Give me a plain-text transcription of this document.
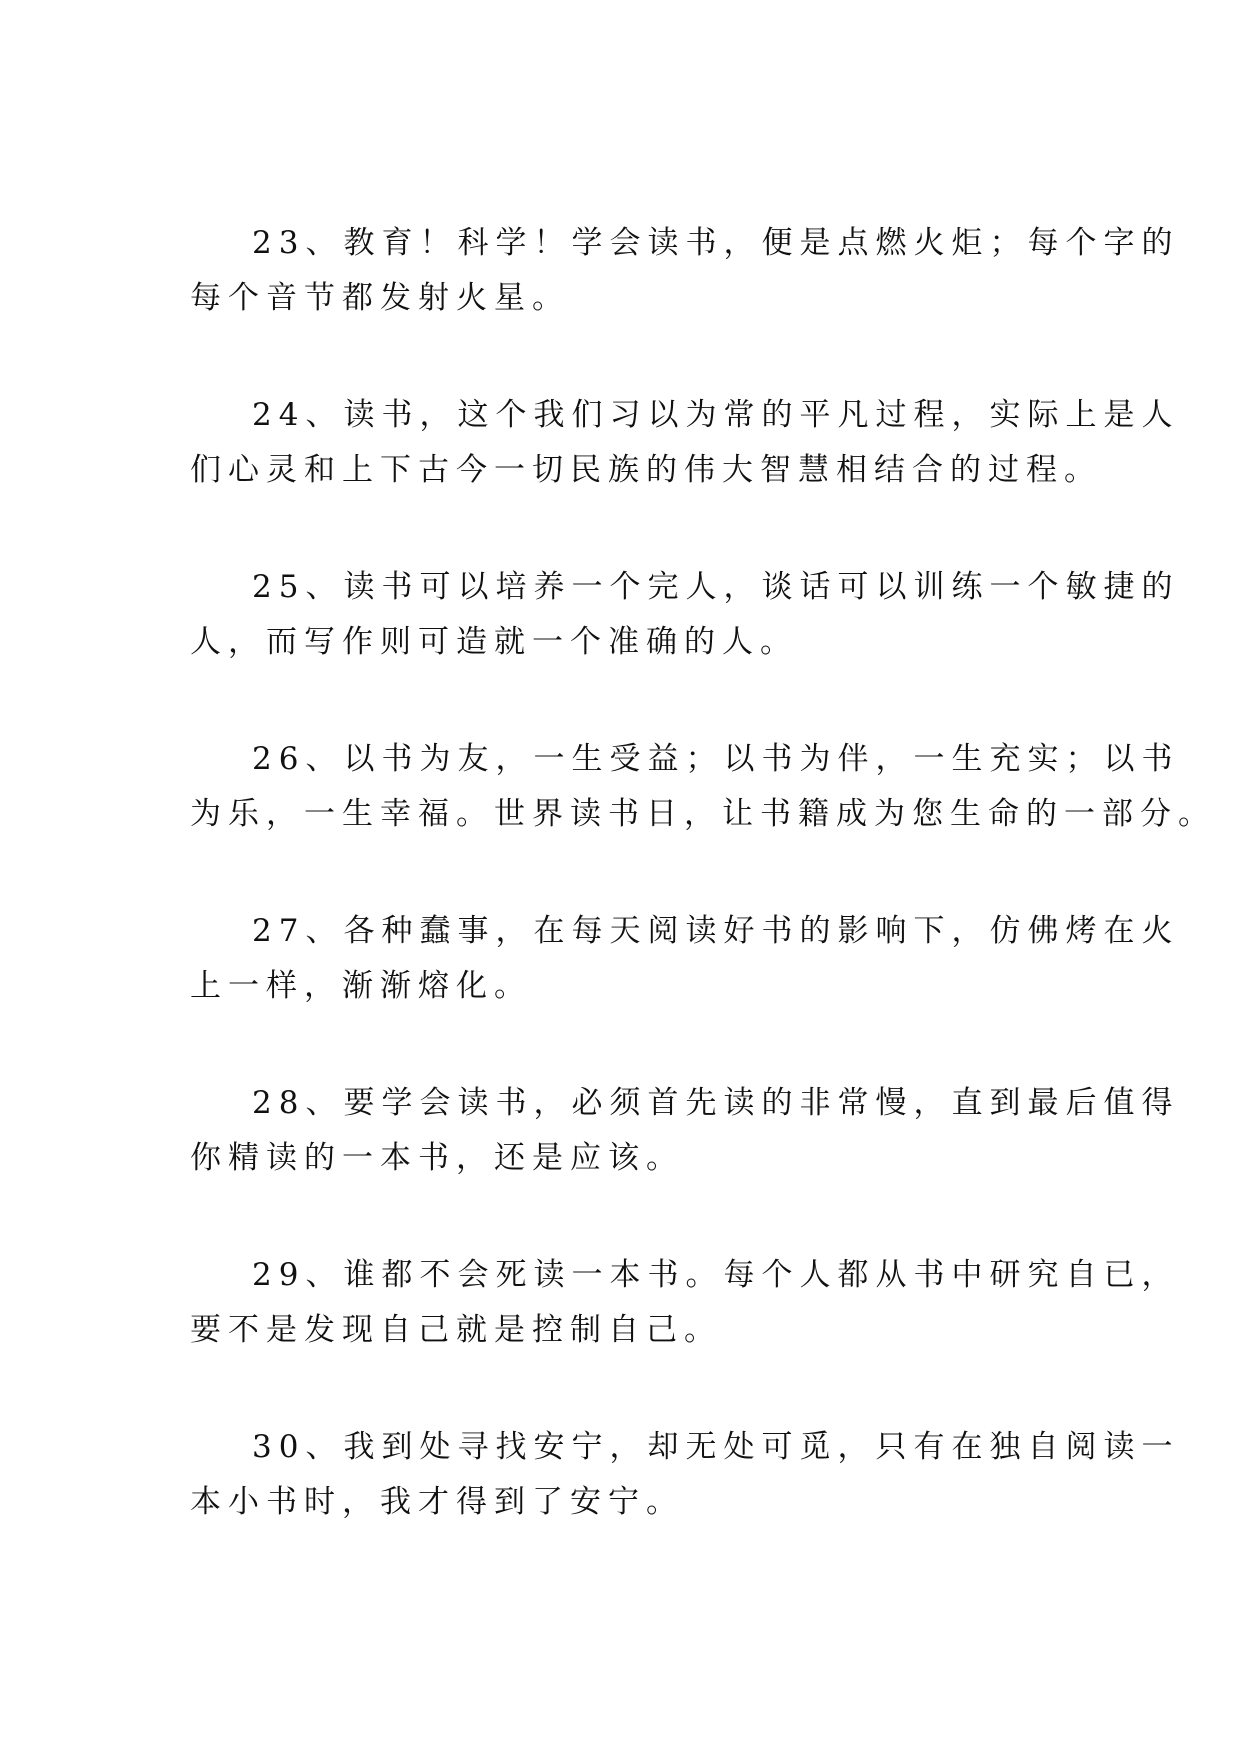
23、教育！科学！学会读书，便是点燃火炬；每个字的
每个音节都发射火星。

24、读书，这个我们习以为常的平凡过程，实际上是人
们心灵和上下古今一切民族的伟大智慧相结合的过程。

25、读书可以培养一个完人，谈话可以训练一个敏捷的
人，而写作则可造就一个准确的人。

26、以书为友，一生受益；以书为伴，一生充实；以书
为乐，一生幸福。世界读书日，让书籍成为您生命的一部分。

27、各种蠢事，在每天阅读好书的影响下，仿佛烤在火
上一样，渐渐熔化。

28、要学会读书，必须首先读的非常慢，直到最后值得
你精读的一本书，还是应该。

29、谁都不会死读一本书。每个人都从书中研究自已，
要不是发现自己就是控制自己。

30、我到处寻找安宁，却无处可觅，只有在独自阅读一
本小书时，我才得到了安宁。
